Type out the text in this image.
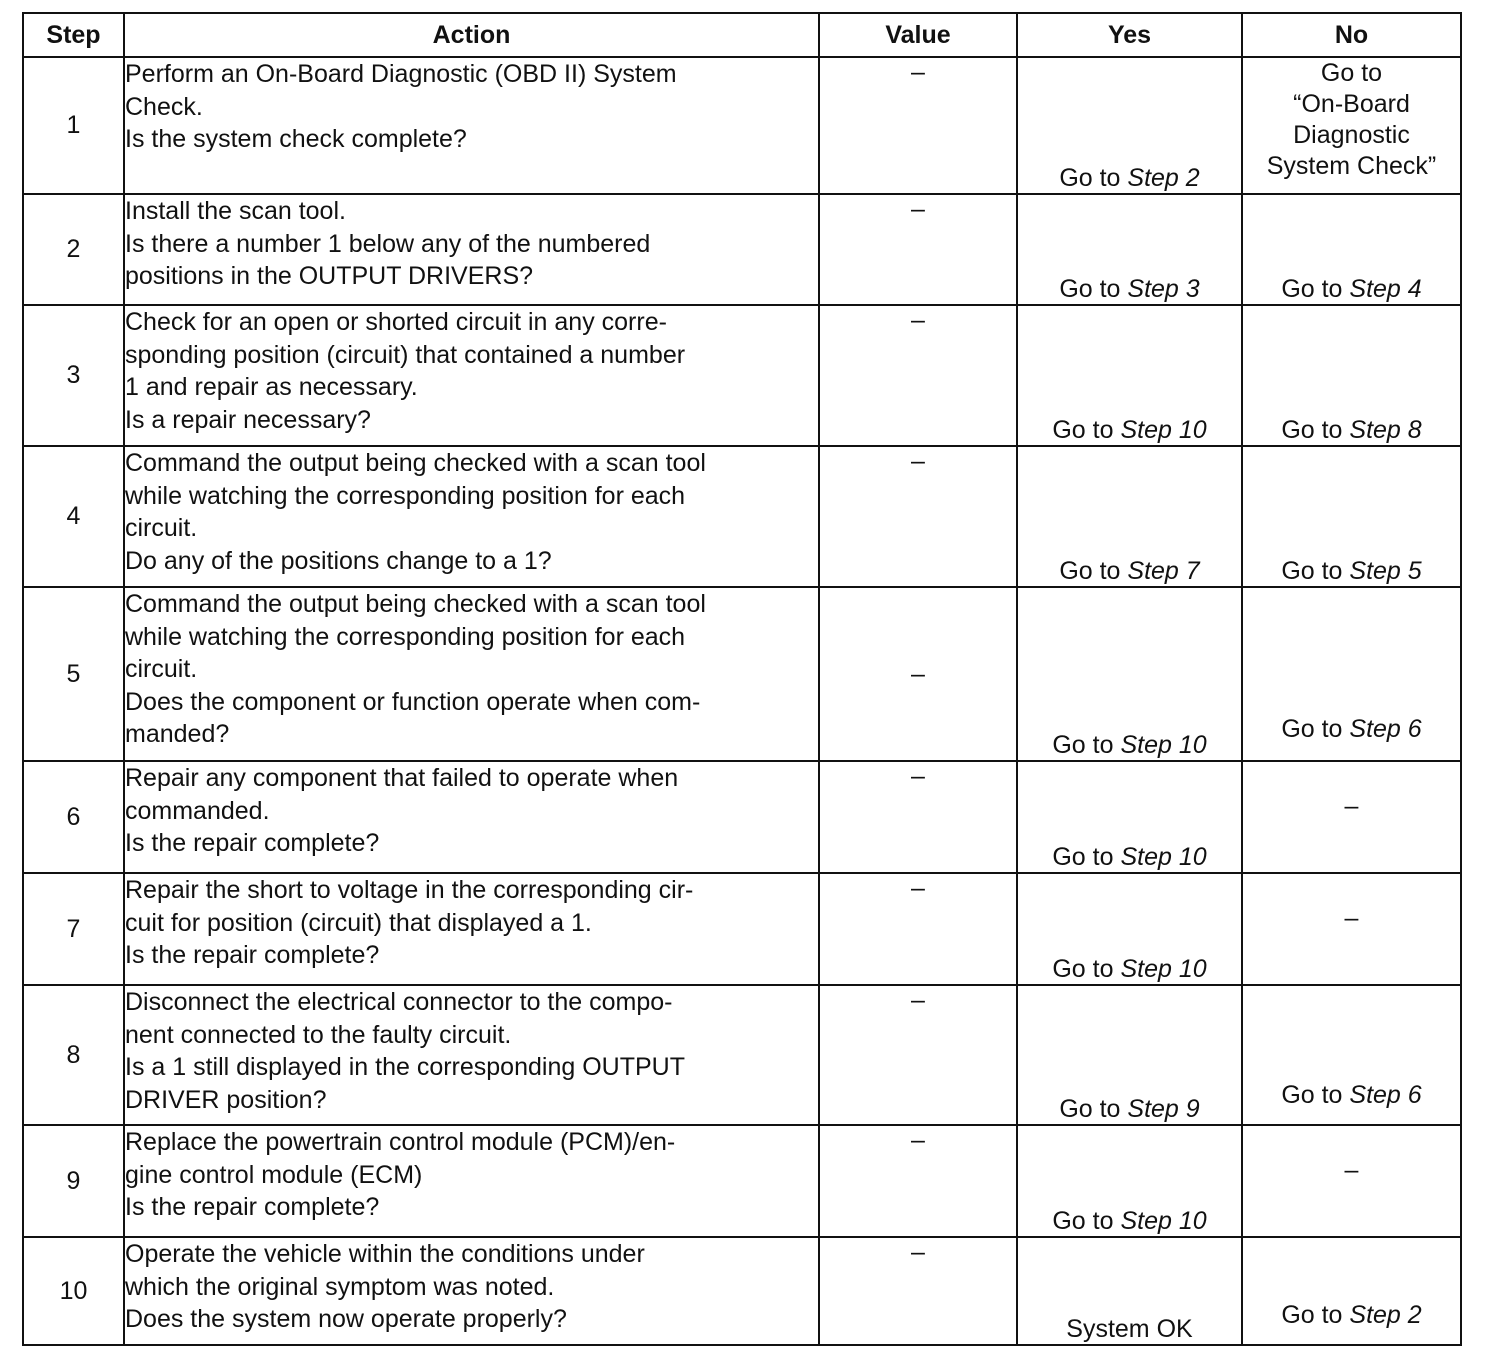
Step	Action	Value	Yes	No
1	Perform an On-Board Diagnostic (OBD II) System
Check.
Is the system check complete?	–	Go to Step 2	Go to
“On-Board
Diagnostic
System Check”

2	Install the scan tool.
Is there a number 1 below any of the numbered
positions in the OUTPUT DRIVERS?	–	Go to Step 3	Go to Step 4
3	Check for an open or shorted circuit in any corre-
sponding position (circuit) that contained a number
1 and repair as necessary.
Is a repair necessary?	–	Go to Step 10	Go to Step 8
4	Command the output being checked with a scan tool
while watching the corresponding position for each
circuit.
Do any of the positions change to a 1?	–	Go to Step 7	Go to Step 5
5	Command the output being checked with a scan tool
while watching the corresponding position for each
circuit.
Does the component or function operate when com-
manded?	–	Go to Step 10	Go to Step 6
6	Repair any component that failed to operate when
commanded.
Is the repair complete?	–	Go to Step 10	–
7	Repair the short to voltage in the corresponding cir-
cuit for position (circuit) that displayed a 1.
Is the repair complete?	–	Go to Step 10	–
8	Disconnect the electrical connector to the compo-
nent connected to the faulty circuit.
Is a 1 still displayed in the corresponding OUTPUT
DRIVER position?	–	Go to Step 9	Go to Step 6
9	Replace the powertrain control module (PCM)/en-
gine control module (ECM)
Is the repair complete?	–	Go to Step 10	–
10	Operate the vehicle within the conditions under
which the original symptom was noted.
Does the system now operate properly?	–	System OK	Go to Step 2
